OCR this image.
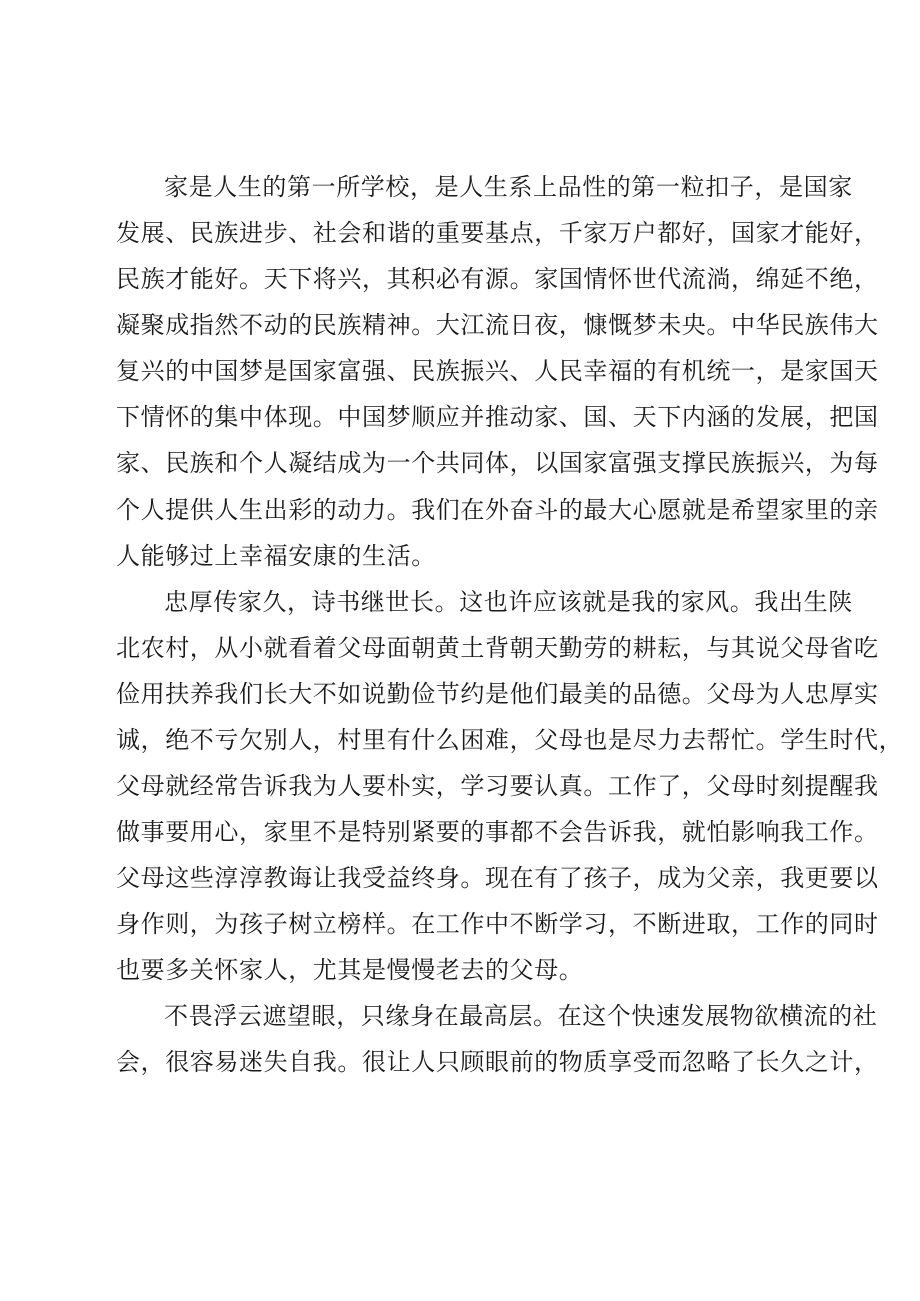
家是人生的第一所学校，是人生系上品性的第一粒扣子，是国家
发展、民族进步、社会和谐的重要基点，千家万户都好，国家才能好，
民族才能好。天下将兴，其积必有源。家国情怀世代流淌，绵延不绝，
凝聚成指然不动的民族精神。大江流日夜，慷慨梦未央。中华民族伟大
复兴的中国梦是国家富强、民族振兴、人民幸福的有机统一，是家国天
下情怀的集中体现。中国梦顺应并推动家、国、天下内涵的发展，把国
家、民族和个人凝结成为一个共同体，以国家富强支撑民族振兴，为每
个人提供人生出彩的动力。我们在外奋斗的最大心愿就是希望家里的亲
人能够过上幸福安康的生活。
忠厚传家久，诗书继世长。这也许应该就是我的家风。我出生陕
北农村，从小就看着父母面朝黄土背朝天勤劳的耕耘，与其说父母省吃
俭用扶养我们长大不如说勤俭节约是他们最美的品德。父母为人忠厚实
诚，绝不亏欠别人，村里有什么困难，父母也是尽力去帮忙。学生时代，
父母就经常告诉我为人要朴实，学习要认真。工作了，父母时刻提醒我
做事要用心，家里不是特别紧要的事都不会告诉我，就怕影响我工作。
父母这些淳淳教诲让我受益终身。现在有了孩子，成为父亲，我更要以
身作则，为孩子树立榜样。在工作中不断学习，不断进取，工作的同时
也要多关怀家人，尤其是慢慢老去的父母。
不畏浮云遮望眼，只缘身在最高层。在这个快速发展物欲横流的社
会，很容易迷失自我。很让人只顾眼前的物质享受而忽略了长久之计，
